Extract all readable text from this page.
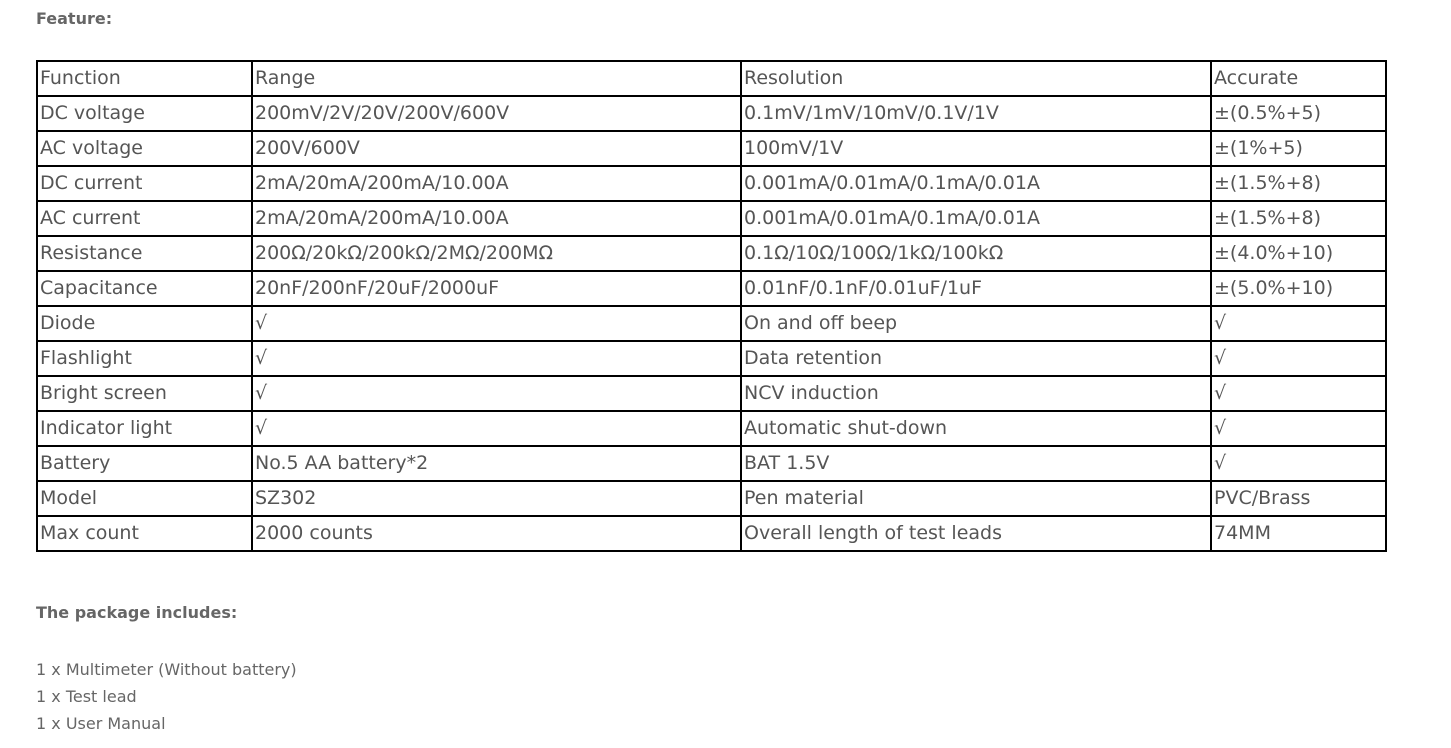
Feature:

Function	Range	Resolution	Accurate
DC voltage	200mV/2V/20V/200V/600V	0.1mV/1mV/10mV/0.1V/1V	±(0.5%+5)
AC voltage	200V/600V	100mV/1V	±(1%+5)
DC current	2mA/20mA/200mA/10.00A	0.001mA/0.01mA/0.1mA/0.01A	±(1.5%+8)
AC current	2mA/20mA/200mA/10.00A	0.001mA/0.01mA/0.1mA/0.01A	±(1.5%+8)
Resistance	200Ω/20kΩ/200kΩ/2MΩ/200MΩ	0.1Ω/10Ω/100Ω/1kΩ/100kΩ	±(4.0%+10)
Capacitance	20nF/200nF/20uF/2000uF	0.01nF/0.1nF/0.01uF/1uF	±(5.0%+10)
Diode	√	On and off beep	√
Flashlight	√	Data retention	√
Bright screen	√	NCV induction	√
Indicator light	√	Automatic shut-down	√
Battery	No.5 AA battery*2	BAT 1.5V	√
Model	SZ302	Pen material	PVC/Brass
Max count	2000 counts	Overall length of test leads	74MM

The package includes:

1 x Multimeter (Without battery)
1 x Test lead
1 x User Manual
